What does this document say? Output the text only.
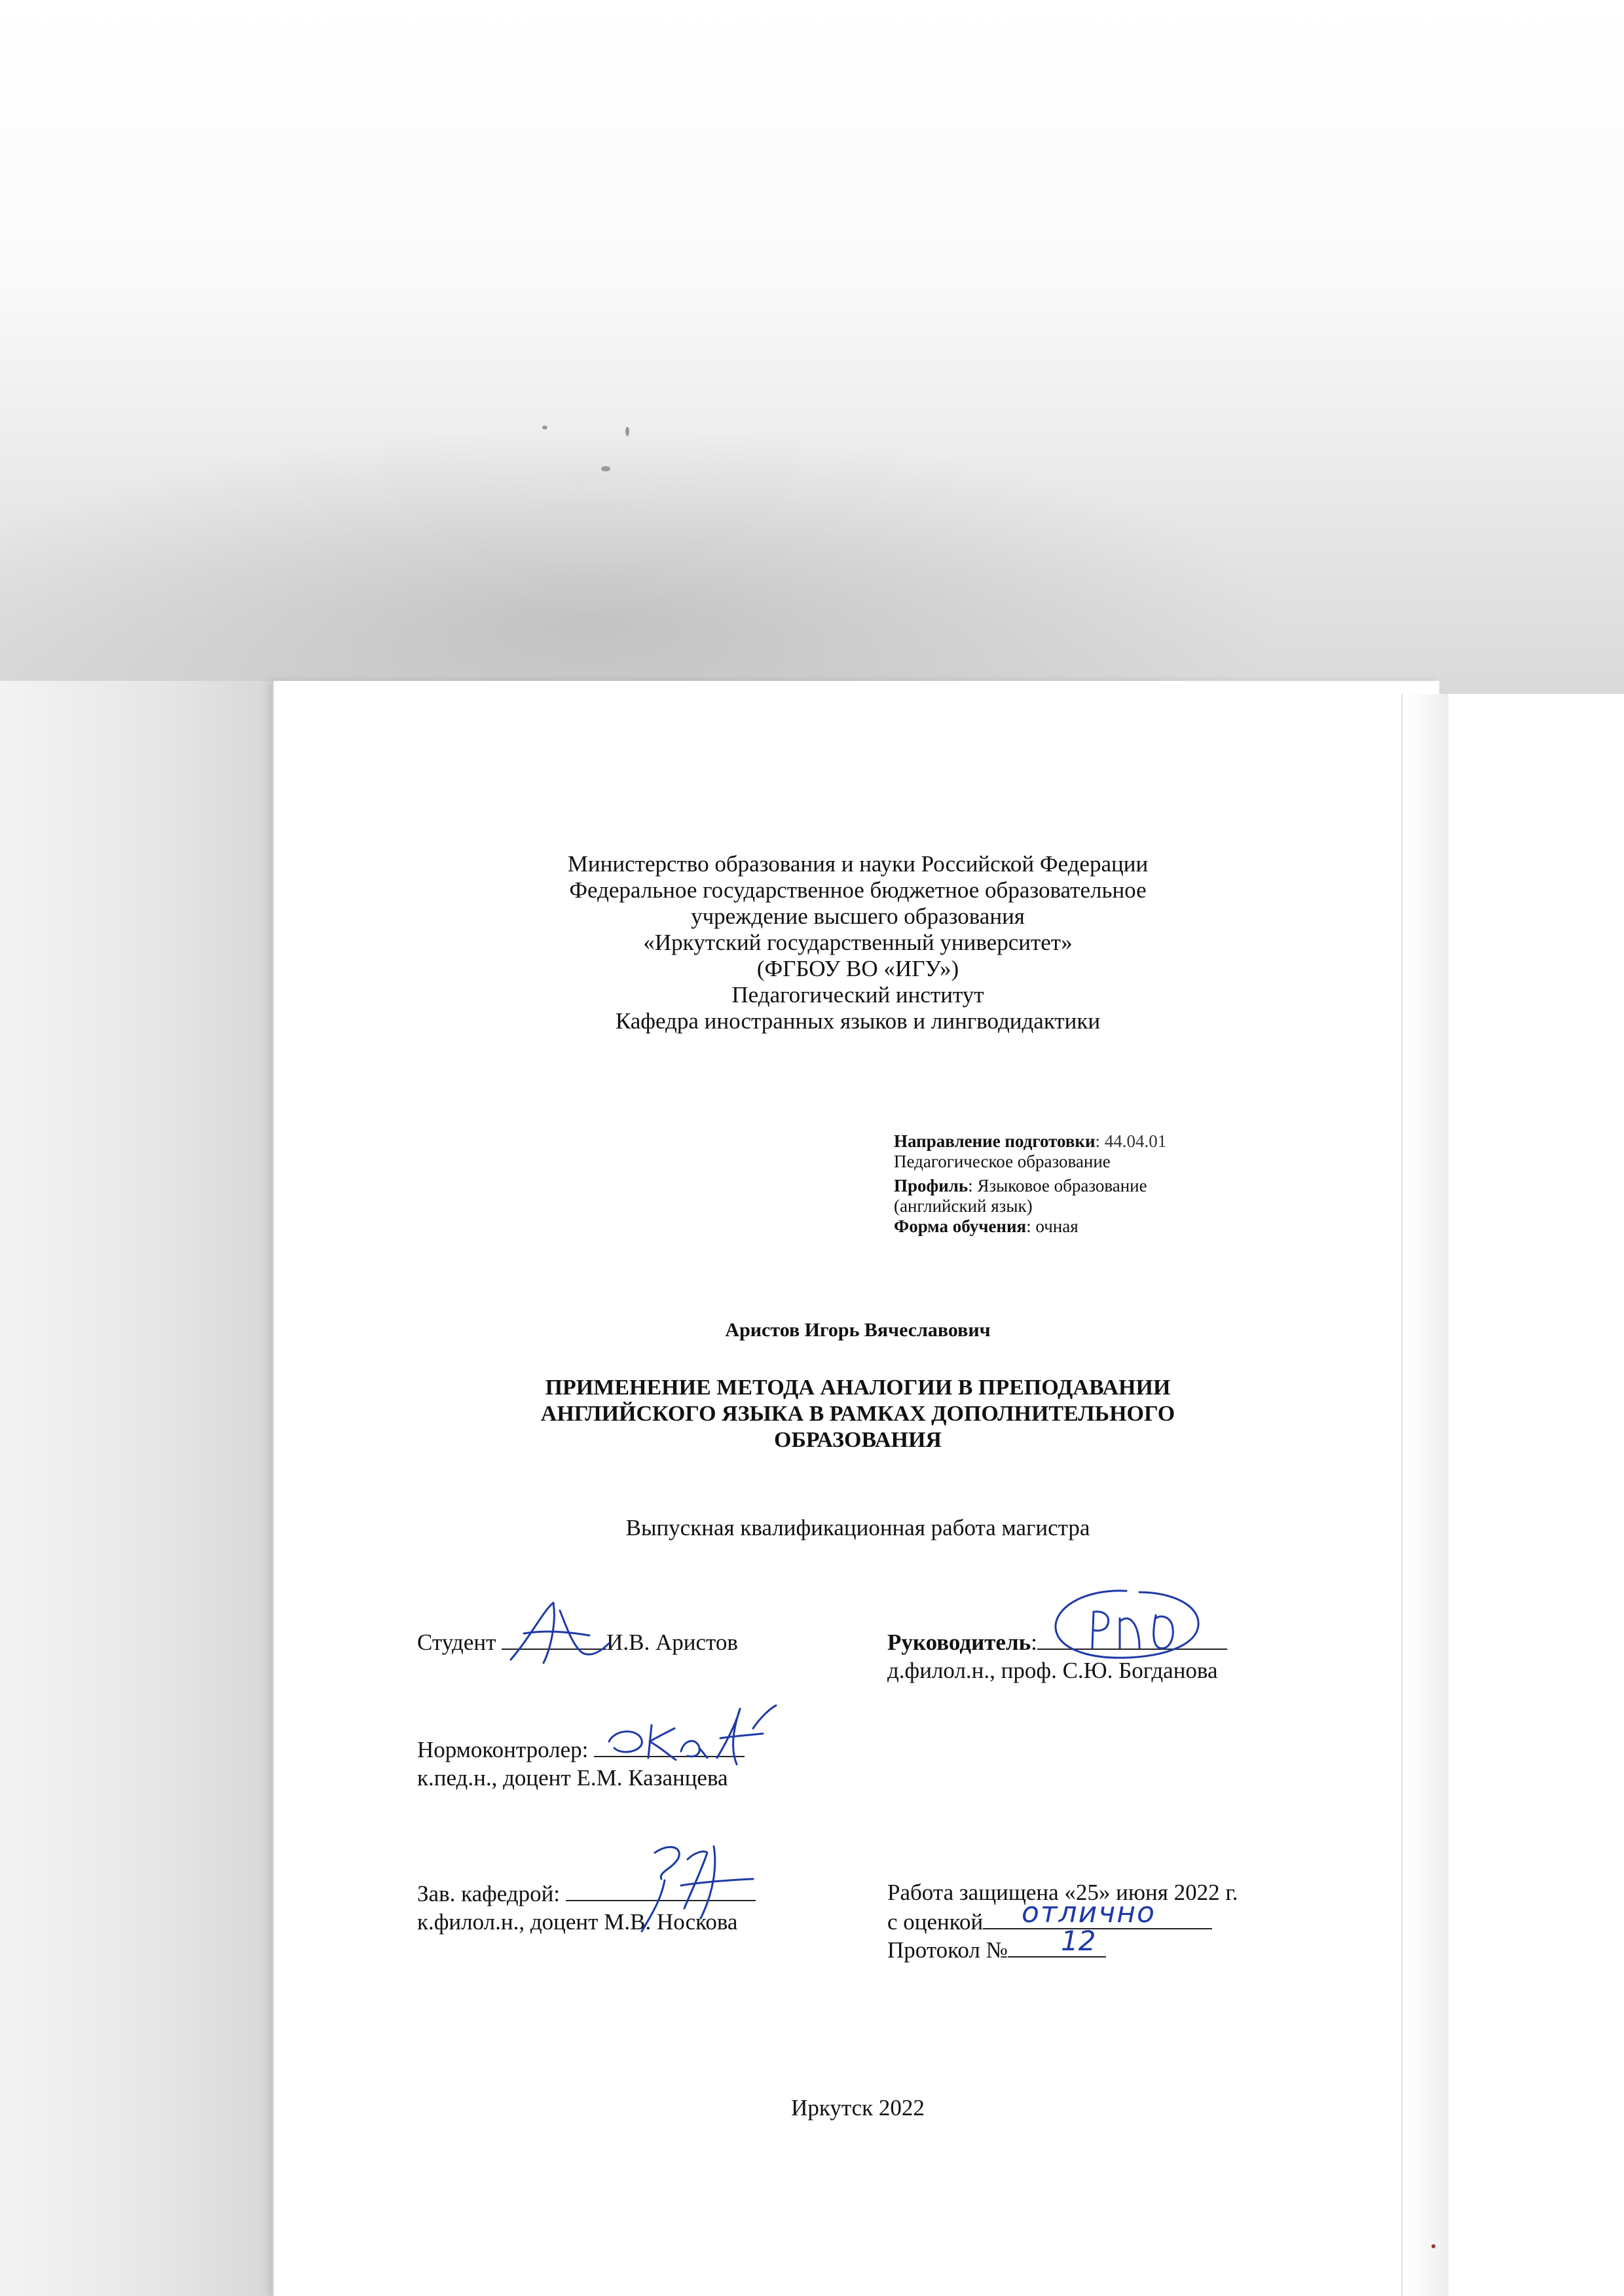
Министерство образования и науки Российской Федерации
Федеральное государственное бюджетное образовательное
учреждение высшего образования
«Иркутский государственный университет»
(ФГБОУ ВО «ИГУ»)
Педагогический институт
Кафедра иностранных языков и лингводидактики
Направление подготовки: 44.04.01
Педагогическое образование
Профиль: Языковое образование
(английский язык)
Форма обучения: очная
Аристов Игорь Вячеславович
ПРИМЕНЕНИЕ МЕТОДА АНАЛОГИИ В ПРЕПОДАВАНИИ
АНГЛИЙСКОГО ЯЗЫКА В РАМКАХ ДОПОЛНИТЕЛЬНОГО
ОБРАЗОВАНИЯ
Выпускная квалификационная работа магистра
Студент	И.В. Аристов	Руководитель:
д.филол.н., проф. С.Ю. Богданова
Нормоконтролер:
к.пед.н., доцент Е.М. Казанцева
Зав. кафедрой:
к.филол.н., доцент М.В. Носкова
Работа защищена «25» июня 2022 г.
с оценкой	отлично
Протокол №	12
Иркутск 2022
